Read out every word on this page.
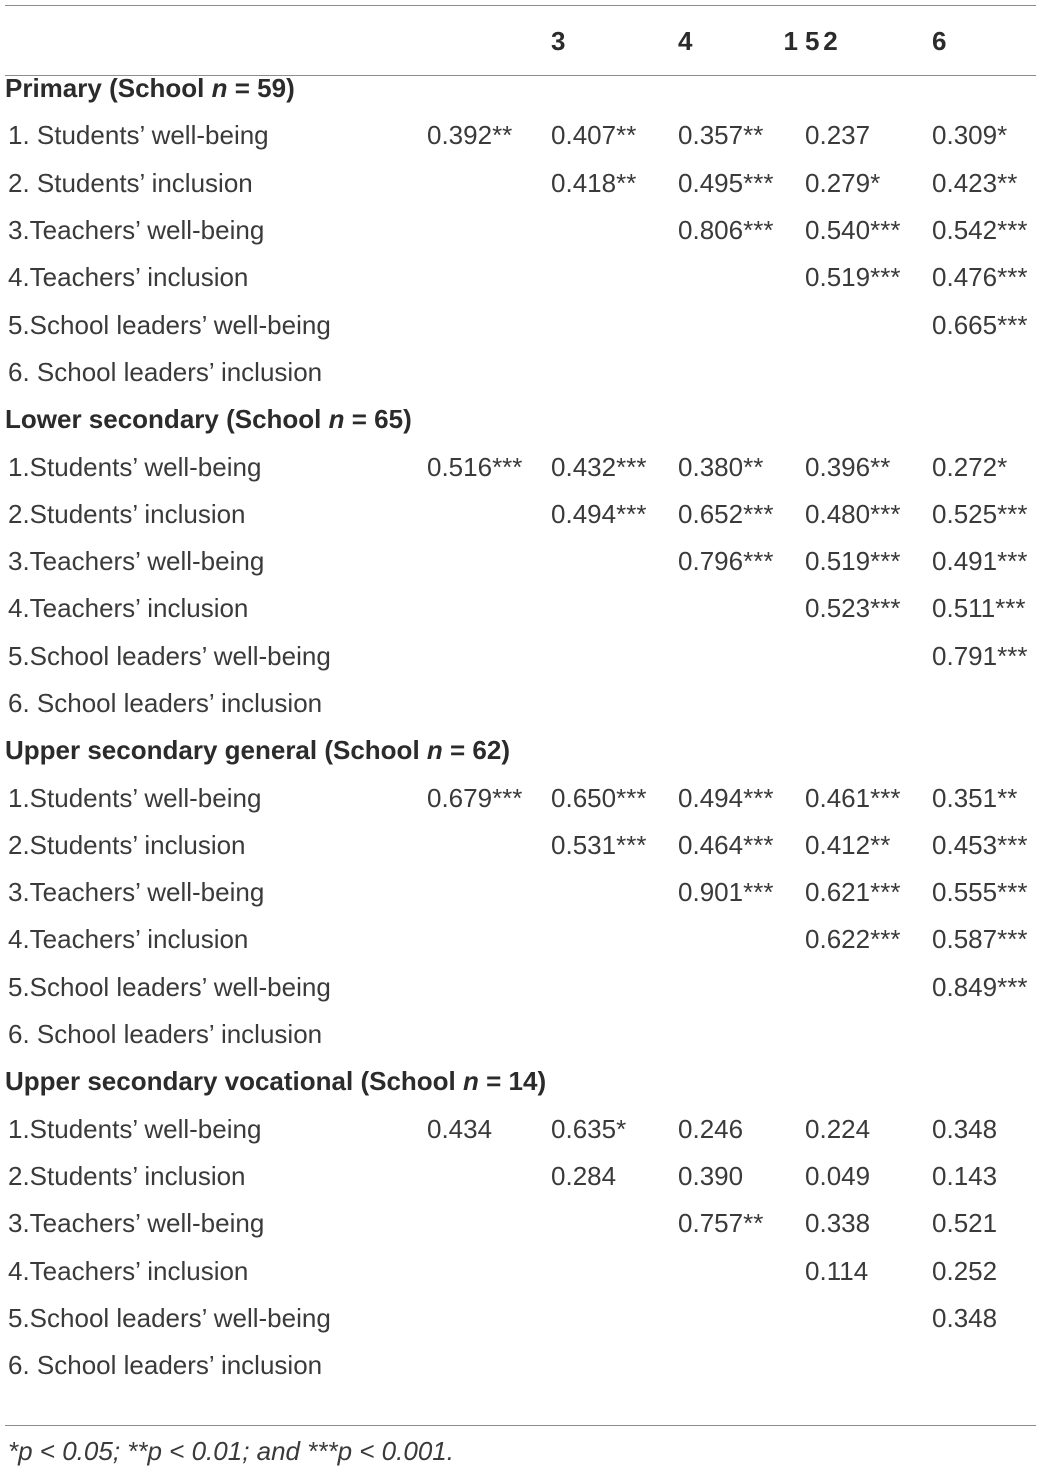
	1 2		3	4	5	6
Primary (School n = 59)						
1. Students’ well-being		0.392**	0.407**	0.357**	0.237	0.309*
2. Students’ inclusion			0.418**	0.495***	0.279*	0.423**
3.Teachers’ well-being				0.806***	0.540***	0.542***
4.Teachers’ inclusion					0.519***	0.476***
5.School leaders’ well-being						0.665***
6. School leaders’ inclusion						
Lower secondary (School n = 65)						
1.Students’ well-being		0.516***	0.432***	0.380**	0.396**	0.272*
2.Students’ inclusion			0.494***	0.652***	0.480***	0.525***
3.Teachers’ well-being				0.796***	0.519***	0.491***
4.Teachers’ inclusion					0.523***	0.511***
5.School leaders’ well-being						0.791***
6. School leaders’ inclusion						
Upper secondary general (School n = 62)						
1.Students’ well-being		0.679***	0.650***	0.494***	0.461***	0.351**
2.Students’ inclusion			0.531***	0.464***	0.412**	0.453***
3.Teachers’ well-being				0.901***	0.621***	0.555***
4.Teachers’ inclusion					0.622***	0.587***
5.School leaders’ well-being						0.849***
6. School leaders’ inclusion						
Upper secondary vocational (School n = 14)						
1.Students’ well-being		0.434	0.635*	0.246	0.224	0.348
2.Students’ inclusion			0.284	0.390	0.049	0.143
3.Teachers’ well-being				0.757**	0.338	0.521
4.Teachers’ inclusion					0.114	0.252
5.School leaders’ well-being						0.348
6. School leaders’ inclusion						
*p < 0.05; **p < 0.01; and ***p < 0.001.
